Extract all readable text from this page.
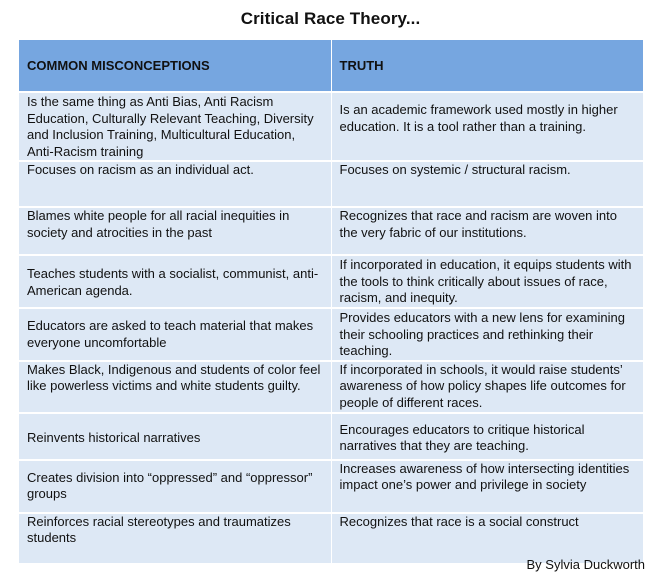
Critical Race Theory...
COMMON MISCONCEPTIONS	TRUTH
Is the same thing as Anti Bias, Anti Racism Education, Culturally Relevant Teaching, Diversity and Inclusion Training, Multicultural Education, Anti-Racism training	Is an academic framework used mostly in higher education. It is a tool rather than a training.
Focuses on racism as an individual act.	Focuses on systemic / structural racism.
Blames white people for all racial inequities in society and atrocities in the past	Recognizes that race and racism are woven into the very fabric of our institutions.
Teaches students with a socialist, communist, anti-American agenda.	If incorporated in education, it equips students with the tools to think critically about issues of race, racism, and inequity.
Educators are asked to teach material that makes everyone uncomfortable	Provides educators with a new lens for examining their schooling practices and rethinking their teaching.
Makes Black, Indigenous and students of color feel like powerless victims and white students guilty.	If incorporated in schools, it would raise students’ awareness of how policy shapes life outcomes for people of different races.
Reinvents historical narratives	Encourages educators to critique historical narratives that they are teaching.
Creates division into “oppressed” and “oppressor” groups	Increases awareness of how intersecting identities impact one’s power and privilege in society
Reinforces racial stereotypes and traumatizes students	Recognizes that race is a social construct
By Sylvia Duckworth
